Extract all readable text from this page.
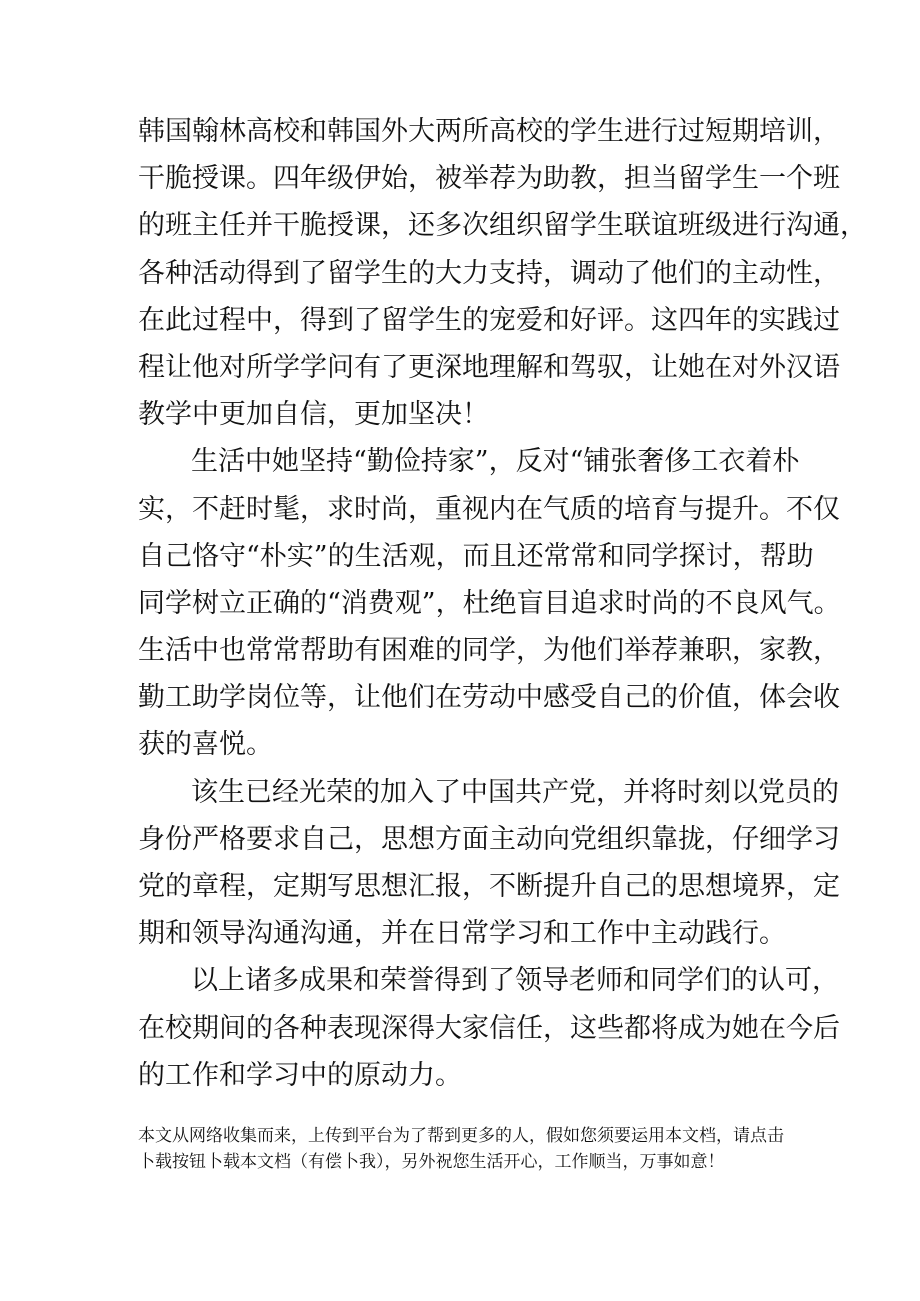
韩国翰林高校和韩国外大两所高校的学生进行过短期培训，
干脆授课。四年级伊始，被举荐为助教，担当留学生一个班
的班主任并干脆授课，还多次组织留学生联谊班级进行沟通，
各种活动得到了留学生的大力支持，调动了他们的主动性，
在此过程中，得到了留学生的宠爱和好评。这四年的实践过
程让他对所学学问有了更深地理解和驾驭，让她在对外汉语
教学中更加自信，更加坚决！
生活中她坚持“勤俭持家”，反对“铺张奢侈工衣着朴
实，不赶时髦，求时尚，重视内在气质的培育与提升。不仅
自己恪守“朴实”的生活观，而且还常常和同学探讨，帮助
同学树立正确的“消费观”，杜绝盲目追求时尚的不良风气。
生活中也常常帮助有困难的同学，为他们举荐兼职，家教，
勤工助学岗位等，让他们在劳动中感受自己的价值，体会收
获的喜悦。
该生已经光荣的加入了中国共产党，并将时刻以党员的
身份严格要求自己，思想方面主动向党组织靠拢，仔细学习
党的章程，定期写思想汇报，不断提升自己的思想境界，定
期和领导沟通沟通，并在日常学习和工作中主动践行。
以上诸多成果和荣誉得到了领导老师和同学们的认可，
在校期间的各种表现深得大家信任，这些都将成为她在今后
的工作和学习中的原动力。
本文从网络收集而来，上传到平台为了帮到更多的人，假如您须要运用本文档，请点击
卜载按钮卜载本文档（有偿卜我），另外祝您生活开心，工作顺当，万事如意！
